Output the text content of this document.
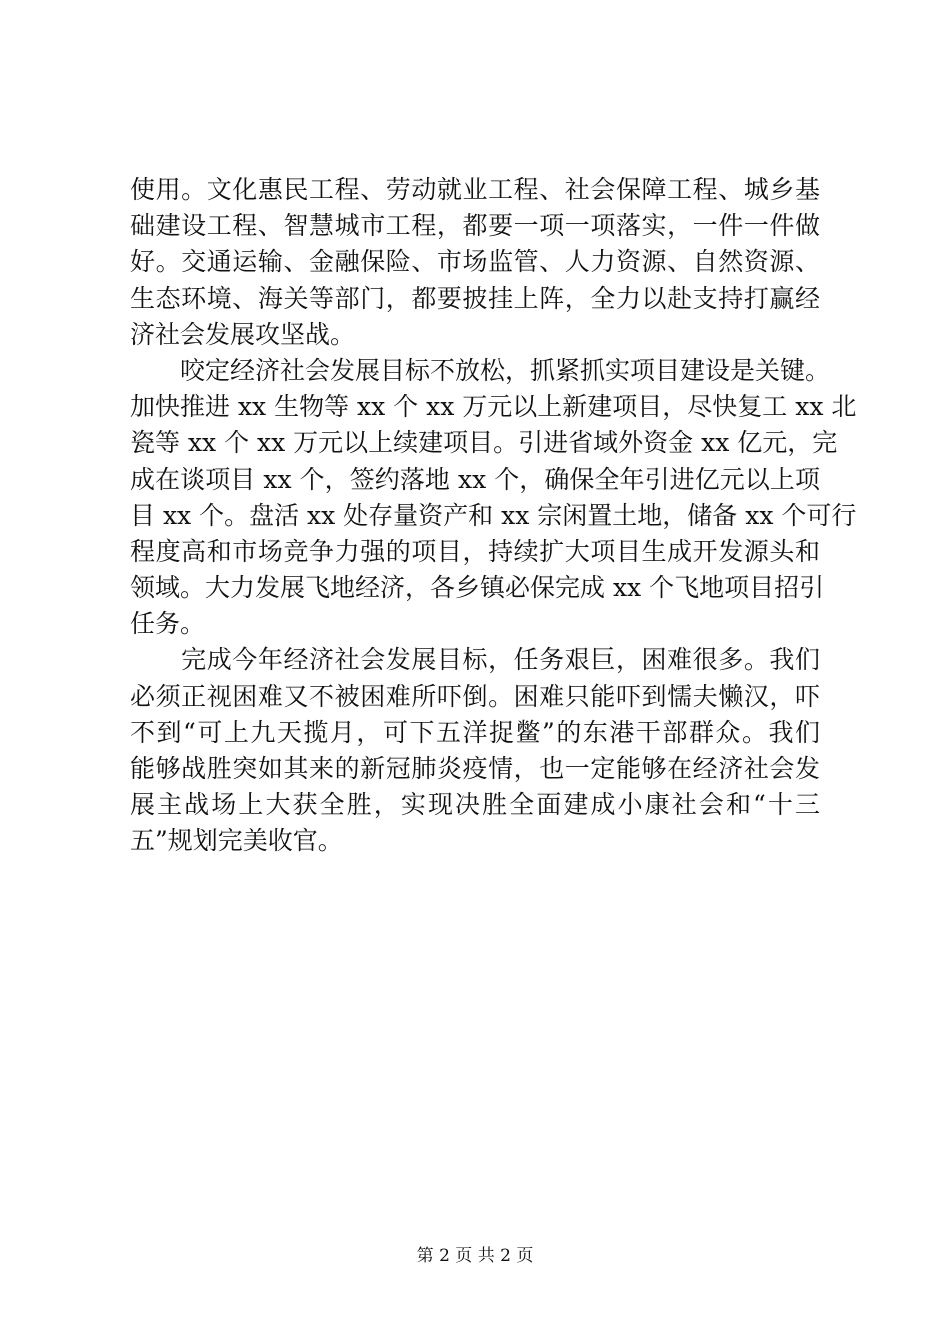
使用。文化惠民工程、劳动就业工程、社会保障工程、城乡基
础建设工程、智慧城市工程，都要一项一项落实，一件一件做
好。交通运输、金融保险、市场监管、人力资源、自然资源、
生态环境、海关等部门，都要披挂上阵，全力以赴支持打赢经
济社会发展攻坚战。
　　咬定经济社会发展目标不放松，抓紧抓实项目建设是关键。
加快推进 xx 生物等 xx 个 xx 万元以上新建项目，尽快复工 xx 北
瓷等 xx 个 xx 万元以上续建项目。引进省域外资金 xx 亿元，完
成在谈项目 xx 个，签约落地 xx 个，确保全年引进亿元以上项
目 xx 个。盘活 xx 处存量资产和 xx 宗闲置土地，储备 xx 个可行
程度高和市场竞争力强的项目，持续扩大项目生成开发源头和
领域。大力发展飞地经济，各乡镇必保完成 xx 个飞地项目招引
任务。
　　完成今年经济社会发展目标，任务艰巨，困难很多。我们
必须正视困难又不被困难所吓倒。困难只能吓到懦夫懒汉，吓
不到“可上九天揽月，可下五洋捉鳖”的东港干部群众。我们
能够战胜突如其来的新冠肺炎疫情，也一定能够在经济社会发
展主战场上大获全胜，实现决胜全面建成小康社会和“十三
五”规划完美收官。
第 2 页 共 2 页
